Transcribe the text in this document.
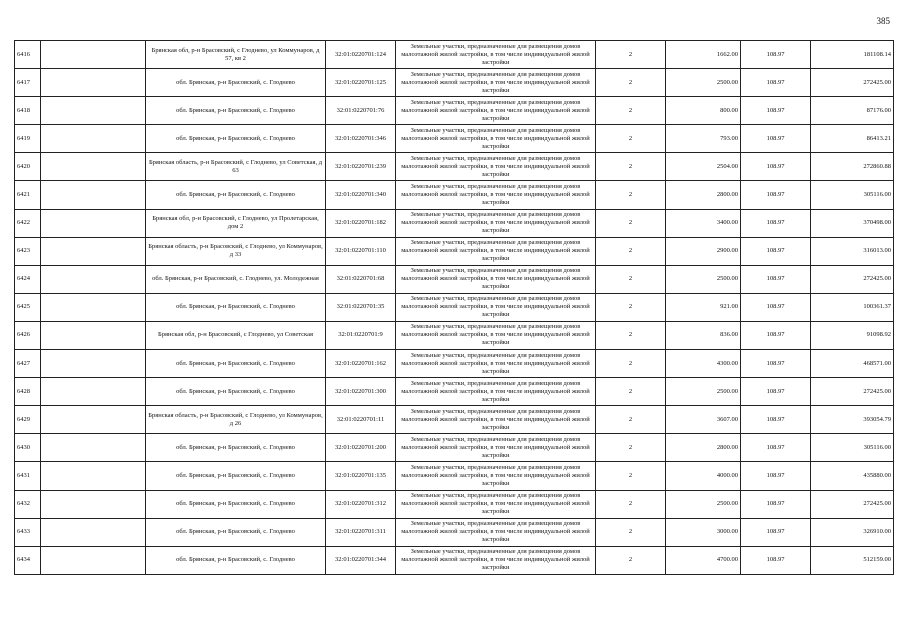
385
6416		Брянская обл, р-н Брасовский, с Глоднево, ул Коммунаров, д 57, кв 2	32:01:0220701:124	Земельные участки, предназначенные для размещения домов малоэтажной жилой застройки, в том числе индивидуальной жилой застройки	2	1662.00	108.97	181108.14
6417		обл. Брянская, р-н Брасовский, с. Глоднево	32:01:0220701:125	Земельные участки, предназначенные для размещения домов малоэтажной жилой застройки, в том числе индивидуальной жилой застройки	2	2500.00	108.97	272425.00
6418		обл. Брянская, р-н Брасовский, с. Глоднево	32:01:0220701:76	Земельные участки, предназначенные для размещения домов малоэтажной жилой застройки, в том числе индивидуальной жилой застройки	2	800.00	108.97	87176.00
6419		обл. Брянская, р-н Брасовский, с. Глоднево	32:01:0220701:346	Земельные участки, предназначенные для размещения домов малоэтажной жилой застройки, в том числе индивидуальной жилой застройки	2	793.00	108.97	86413.21
6420		Брянская область, р-н Брасовский, с Глоднево, ул Советская, д 63	32:01:0220701:239	Земельные участки, предназначенные для размещения домов малоэтажной жилой застройки, в том числе индивидуальной жилой застройки	2	2504.00	108.97	272860.88
6421		обл. Брянская, р-н Брасовский, с. Глоднево	32:01:0220701:340	Земельные участки, предназначенные для размещения домов малоэтажной жилой застройки, в том числе индивидуальной жилой застройки	2	2800.00	108.97	305116.00
6422		Брянская обл, р-н Брасовский, с Глоднево, ул Пролетарская, дом 2	32:01:0220701:182	Земельные участки, предназначенные для размещения домов малоэтажной жилой застройки, в том числе индивидуальной жилой застройки	2	3400.00	108.97	370498.00
6423		Брянская область, р-н Брасовский, с Глоднево, ул Коммунаров, д 33	32:01:0220701:110	Земельные участки, предназначенные для размещения домов малоэтажной жилой застройки, в том числе индивидуальной жилой застройки	2	2900.00	108.97	316013.00
6424		обл. Брянская, р-н Брасовский, с. Глоднево, ул. Молодежная	32:01:0220701:68	Земельные участки, предназначенные для размещения домов малоэтажной жилой застройки, в том числе индивидуальной жилой застройки	2	2500.00	108.97	272425.00
6425		обл. Брянская, р-н Брасовский, с. Глоднево	32:01:0220701:35	Земельные участки, предназначенные для размещения домов малоэтажной жилой застройки, в том числе индивидуальной жилой застройки	2	921.00	108.97	100361.37
6426		Брянская обл, р-н Брасовский, с Глоднево, ул Советская	32:01:0220701:9	Земельные участки, предназначенные для размещения домов малоэтажной жилой застройки, в том числе индивидуальной жилой застройки	2	836.00	108.97	91098.92
6427		обл. Брянская, р-н Брасовский, с. Глоднево	32:01:0220701:162	Земельные участки, предназначенные для размещения домов малоэтажной жилой застройки, в том числе индивидуальной жилой застройки	2	4300.00	108.97	468571.00
6428		обл. Брянская, р-н Брасовский, с. Глоднево	32:01:0220701:300	Земельные участки, предназначенные для размещения домов малоэтажной жилой застройки, в том числе индивидуальной жилой застройки	2	2500.00	108.97	272425.00
6429		Брянская область, р-н Брасовский, с Глоднево, ул Коммунаров, д 26	32:01:0220701:11	Земельные участки, предназначенные для размещения домов малоэтажной жилой застройки, в том числе индивидуальной жилой застройки	2	3607.00	108.97	393054.79
6430		обл. Брянская, р-н Брасовский, с. Глоднево	32:01:0220701:200	Земельные участки, предназначенные для размещения домов малоэтажной жилой застройки, в том числе индивидуальной жилой застройки	2	2800.00	108.97	305116.00
6431		обл. Брянская, р-н Брасовский, с. Глоднево	32:01:0220701:135	Земельные участки, предназначенные для размещения домов малоэтажной жилой застройки, в том числе индивидуальной жилой застройки	2	4000.00	108.97	435880.00
6432		обл. Брянская, р-н Брасовский, с. Глоднево	32:01:0220701:312	Земельные участки, предназначенные для размещения домов малоэтажной жилой застройки, в том числе индивидуальной жилой застройки	2	2500.00	108.97	272425.00
6433		обл. Брянская, р-н Брасовский, с. Глоднево	32:01:0220701:311	Земельные участки, предназначенные для размещения домов малоэтажной жилой застройки, в том числе индивидуальной жилой застройки	2	3000.00	108.97	326910.00
6434		обл. Брянская, р-н Брасовский, с. Глоднево	32:01:0220701:344	Земельные участки, предназначенные для размещения домов малоэтажной жилой застройки, в том числе индивидуальной жилой застройки	2	4700.00	108.97	512159.00
